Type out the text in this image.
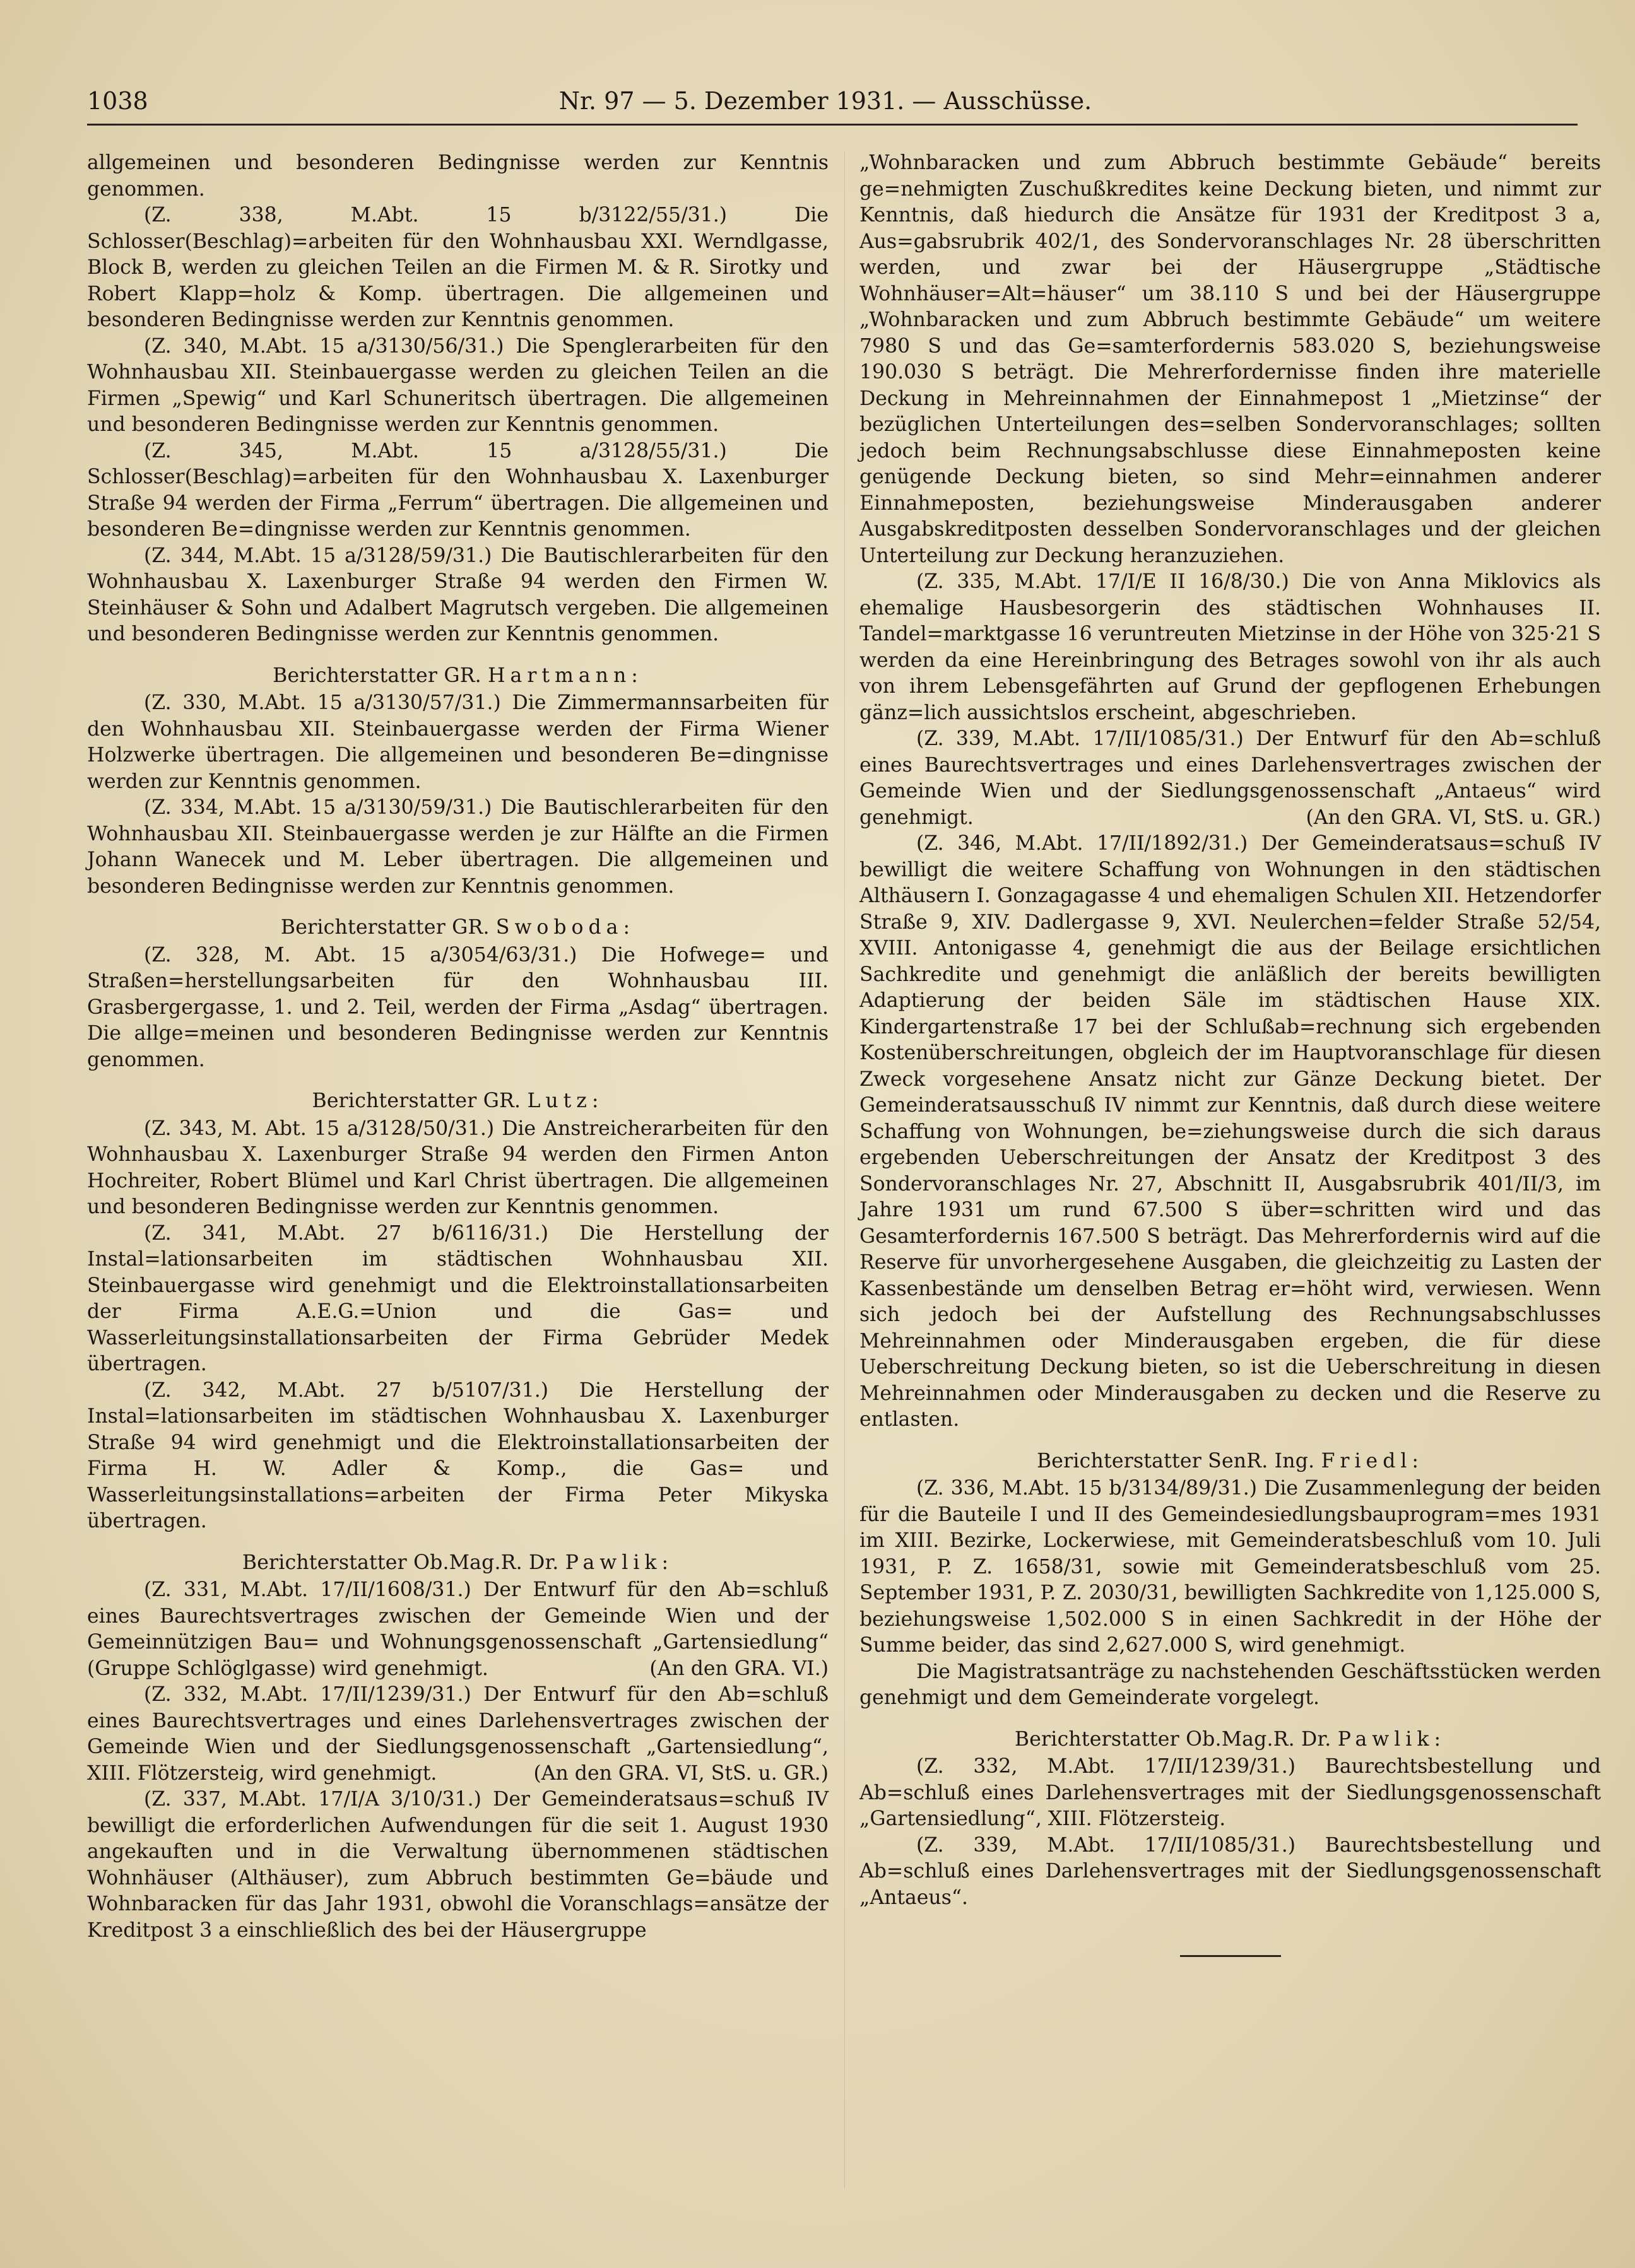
1038	Nr. 97 — 5. Dezember 1931. — Ausschüsse.

allgemeinen und besonderen Bedingnisse werden zur Kenntnis genommen.

(Z. 338, M.Abt. 15 b/3122/55/31.) Die Schlosser(Beschlag)=arbeiten für den Wohnhausbau XXI. Werndlgasse, Block B, werden zu gleichen Teilen an die Firmen M. & R. Sirotky und Robert Klapp=holz & Komp. übertragen. Die allgemeinen und besonderen Bedingnisse werden zur Kenntnis genommen.

(Z. 340, M.Abt. 15 a/3130/56/31.) Die Spenglerarbeiten für den Wohnhausbau XII. Steinbauergasse werden zu gleichen Teilen an die Firmen „Spewig“ und Karl Schuneritsch übertragen. Die allgemeinen und besonderen Bedingnisse werden zur Kenntnis genommen.

(Z. 345, M.Abt. 15 a/3128/55/31.) Die Schlosser(Beschlag)=arbeiten für den Wohnhausbau X. Laxenburger Straße 94 werden der Firma „Ferrum“ übertragen. Die allgemeinen und besonderen Be=dingnisse werden zur Kenntnis genommen.

(Z. 344, M.Abt. 15 a/3128/59/31.) Die Bautischlerarbeiten für den Wohnhausbau X. Laxenburger Straße 94 werden den Firmen W. Steinhäuser & Sohn und Adalbert Magrutsch vergeben. Die allgemeinen und besonderen Bedingnisse werden zur Kenntnis genommen.

Berichterstatter GR. Hartmann:

(Z. 330, M.Abt. 15 a/3130/57/31.) Die Zimmermannsarbeiten für den Wohnhausbau XII. Steinbauergasse werden der Firma Wiener Holzwerke übertragen. Die allgemeinen und besonderen Be=dingnisse werden zur Kenntnis genommen.

(Z. 334, M.Abt. 15 a/3130/59/31.) Die Bautischlerarbeiten für den Wohnhausbau XII. Steinbauergasse werden je zur Hälfte an die Firmen Johann Wanecek und M. Leber übertragen. Die allgemeinen und besonderen Bedingnisse werden zur Kenntnis genommen.

Berichterstatter GR. Swoboda:

(Z. 328, M. Abt. 15 a/3054/63/31.) Die Hofwege= und Straßen=herstellungsarbeiten für den Wohnhausbau III. Grasbergergasse, 1. und 2. Teil, werden der Firma „Asdag“ übertragen. Die allge=meinen und besonderen Bedingnisse werden zur Kenntnis genommen.

Berichterstatter GR. Lutz:

(Z. 343, M. Abt. 15 a/3128/50/31.) Die Anstreicherarbeiten für den Wohnhausbau X. Laxenburger Straße 94 werden den Firmen Anton Hochreiter, Robert Blümel und Karl Christ übertragen. Die allgemeinen und besonderen Bedingnisse werden zur Kenntnis genommen.

(Z. 341, M.Abt. 27 b/6116/31.) Die Herstellung der Instal=lationsarbeiten im städtischen Wohnhausbau XII. Steinbauergasse wird genehmigt und die Elektroinstallationsarbeiten der Firma A.E.G.=Union und die Gas= und Wasserleitungsinstallationsarbeiten der Firma Gebrüder Medek übertragen.

(Z. 342, M.Abt. 27 b/5107/31.) Die Herstellung der Instal=lationsarbeiten im städtischen Wohnhausbau X. Laxenburger Straße 94 wird genehmigt und die Elektroinstallationsarbeiten der Firma H. W. Adler & Komp., die Gas= und Wasserleitungsinstallations=arbeiten der Firma Peter Mikyska übertragen.

Berichterstatter Ob.Mag.R. Dr. Pawlik:

(Z. 331, M.Abt. 17/II/1608/31.) Der Entwurf für den Ab=schluß eines Baurechtsvertrages zwischen der Gemeinde Wien und der Gemeinnützigen Bau= und Wohnungsgenossenschaft „Gartensiedlung“ (Gruppe Schlöglgasse) wird genehmigt.	(An den GRA. VI.)

(Z. 332, M.Abt. 17/II/1239/31.) Der Entwurf für den Ab=schluß eines Baurechtsvertrages und eines Darlehensvertrages zwischen der Gemeinde Wien und der Siedlungsgenossenschaft „Gartensiedlung“, XIII. Flötzersteig, wird genehmigt.	(An den GRA. VI, StS. u. GR.)

(Z. 337, M.Abt. 17/I/A 3/10/31.) Der Gemeinderatsaus=schuß IV bewilligt die erforderlichen Aufwendungen für die seit 1. August 1930 angekauften und in die Verwaltung übernommenen städtischen Wohnhäuser (Althäuser), zum Abbruch bestimmten Ge=bäude und Wohnbaracken für das Jahr 1931, obwohl die Voranschlags=ansätze der Kreditpost 3 a einschließlich des bei der Häusergruppe

„Wohnbaracken und zum Abbruch bestimmte Gebäude“ bereits ge=nehmigten Zuschußkredites keine Deckung bieten, und nimmt zur Kenntnis, daß hiedurch die Ansätze für 1931 der Kreditpost 3 a, Aus=gabsrubrik 402/1, des Sondervoranschlages Nr. 28 überschritten werden, und zwar bei der Häusergruppe „Städtische Wohnhäuser=Alt=häuser“ um 38.110 S und bei der Häusergruppe „Wohnbaracken und zum Abbruch bestimmte Gebäude“ um weitere 7980 S und das Ge=samterfordernis 583.020 S, beziehungsweise 190.030 S beträgt. Die Mehrerfordernisse finden ihre materielle Deckung in Mehreinnahmen der Einnahmepost 1 „Mietzinse“ der bezüglichen Unterteilungen des=selben Sondervoranschlages; sollten jedoch beim Rechnungsabschlusse diese Einnahmeposten keine genügende Deckung bieten, so sind Mehr=einnahmen anderer Einnahmeposten, beziehungsweise Minderausgaben anderer Ausgabskreditposten desselben Sondervoranschlages und der gleichen Unterteilung zur Deckung heranzuziehen.

(Z. 335, M.Abt. 17/I/E II 16/8/30.) Die von Anna Miklovics als ehemalige Hausbesorgerin des städtischen Wohnhauses II. Tandel=marktgasse 16 veruntreuten Mietzinse in der Höhe von 325·21 S werden da eine Hereinbringung des Betrages sowohl von ihr als auch von ihrem Lebensgefährten auf Grund der gepflogenen Erhebungen gänz=lich aussichtslos erscheint, abgeschrieben.

(Z. 339, M.Abt. 17/II/1085/31.) Der Entwurf für den Ab=schluß eines Baurechtsvertrages und eines Darlehensvertrages zwischen der Gemeinde Wien und der Siedlungsgenossenschaft „Antaeus“ wird genehmigt.	(An den GRA. VI, StS. u. GR.)

(Z. 346, M.Abt. 17/II/1892/31.) Der Gemeinderatsaus=schuß IV bewilligt die weitere Schaffung von Wohnungen in den städtischen Althäusern I. Gonzagagasse 4 und ehemaligen Schulen XII. Hetzendorfer Straße 9, XIV. Dadlergasse 9, XVI. Neulerchen=felder Straße 52/54, XVIII. Antonigasse 4, genehmigt die aus der Beilage ersichtlichen Sachkredite und genehmigt die anläßlich der bereits bewilligten Adaptierung der beiden Säle im städtischen Hause XIX. Kindergartenstraße 17 bei der Schlußab=rechnung sich ergebenden Kostenüberschreitungen, obgleich der im Hauptvoranschlage für diesen Zweck vorgesehene Ansatz nicht zur Gänze Deckung bietet. Der Gemeinderatsausschuß IV nimmt zur Kenntnis, daß durch diese weitere Schaffung von Wohnungen, be=ziehungsweise durch die sich daraus ergebenden Ueberschreitungen der Ansatz der Kreditpost 3 des Sondervoranschlages Nr. 27, Abschnitt II, Ausgabsrubrik 401/II/3, im Jahre 1931 um rund 67.500 S über=schritten wird und das Gesamterfordernis 167.500 S beträgt. Das Mehrerfordernis wird auf die Reserve für unvorhergesehene Ausgaben, die gleichzeitig zu Lasten der Kassenbestände um denselben Betrag er=höht wird, verwiesen. Wenn sich jedoch bei der Aufstellung des Rechnungsabschlusses Mehreinnahmen oder Minderausgaben ergeben, die für diese Ueberschreitung Deckung bieten, so ist die Ueberschreitung in diesen Mehreinnahmen oder Minderausgaben zu decken und die Reserve zu entlasten.

Berichterstatter SenR. Ing. Friedl:

(Z. 336, M.Abt. 15 b/3134/89/31.) Die Zusammenlegung der beiden für die Bauteile I und II des Gemeindesiedlungsbauprogram=mes 1931 im XIII. Bezirke, Lockerwiese, mit Gemeinderatsbeschluß vom 10. Juli 1931, P. Z. 1658/31, sowie mit Gemeinderatsbeschluß vom 25. September 1931, P. Z. 2030/31, bewilligten Sachkredite von 1,125.000 S, beziehungsweise 1,502.000 S in einen Sachkredit in der Höhe der Summe beider, das sind 2,627.000 S, wird genehmigt.

Die Magistratsanträge zu nachstehenden Geschäftsstücken werden genehmigt und dem Gemeinderate vorgelegt.

Berichterstatter Ob.Mag.R. Dr. Pawlik:

(Z. 332, M.Abt. 17/II/1239/31.) Baurechtsbestellung und Ab=schluß eines Darlehensvertrages mit der Siedlungsgenossenschaft „Gartensiedlung“, XIII. Flötzersteig.

(Z. 339, M.Abt. 17/II/1085/31.) Baurechtsbestellung und Ab=schluß eines Darlehensvertrages mit der Siedlungsgenossenschaft „Antaeus“.
